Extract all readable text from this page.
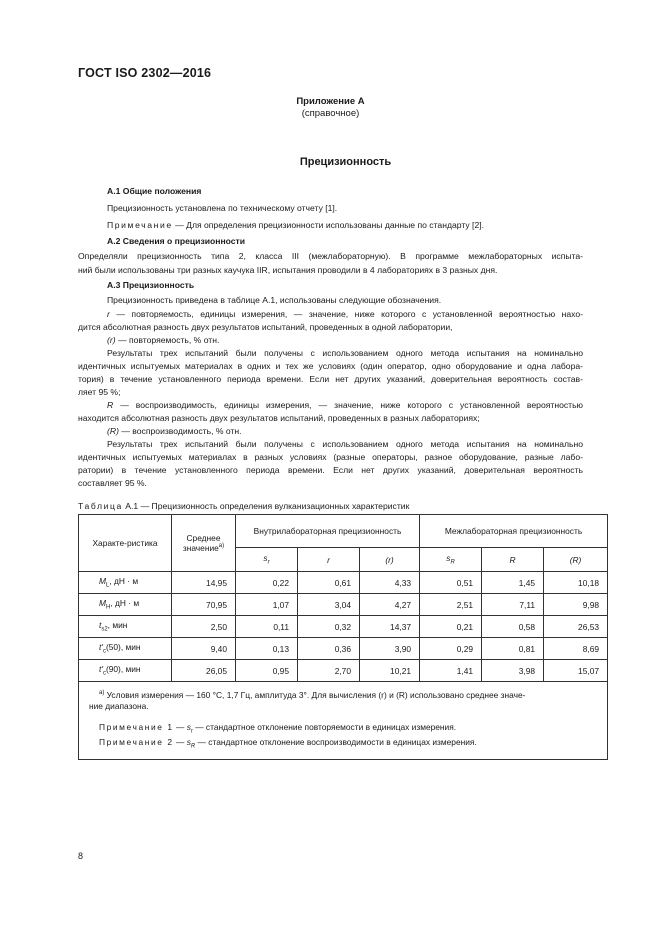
ГОСТ ISO 2302—2016
Приложение А
(справочное)
Прецизионность
А.1 Общие положения
Прецизионность установлена по техническому отчету [1].
Примечание — Для определения прецизионности использованы данные по стандарту [2].
А.2 Сведения о прецизионности
Определяли прецизионность типа 2, класса III (межлабораторную). В программе межлабораторных испыта-
ний были использованы три разных каучука IIR, испытания проводили в 4 лабораториях в 3 разных дня.
А.3 Прецизионность
Прецизионность приведена в таблице А.1, использованы следующие обозначения.
r — повторяемость, единицы измерения, — значение, ниже которого с установленной вероятностью нахо-
дится абсолютная разность двух результатов испытаний, проведенных в одной лаборатории,
(r) — повторяемость, % отн.
Результаты трех испытаний были получены с использованием одного метода испытания на номинально
идентичных испытуемых материалах в одних и тех же условиях (один оператор, одно оборудование и одна лабора-
тория) в течение установленного периода времени. Если нет других указаний, доверительная вероятность состав-
ляет 95 %;
R — воспроизводимость, единицы измерения, — значение, ниже которого с установленной вероятностью
находится абсолютная разность двух результатов испытаний, проведенных в разных лабораториях;
(R) — воспроизводимость, % отн.
Результаты трех испытаний были получены с использованием одного метода испытания на номинально
идентичных испытуемых материалах в разных условиях (разные операторы, разное оборудование, разные лабо-
ратории) в течение установленного периода времени. Если нет других указаний, доверительная вероятность
составляет 95 %.
Таблица А.1 — Прецизионность определения вулканизационных характеристик
Характе-ристика	Среднее значение$^{а)}$	Внутрилабораторная прецизионность			Межлабораторная прецизионность		
		$s_r$	r	(r)	$s_R$	R	(R)
$M_L$, дН · м	14,95	0,22	0,61	4,33	0,51	1,45	10,18
$M_H$, дН · м	70,95	1,07	3,04	4,27	2,51	7,11	9,98
$t_{s2}$, мин	2,50	0,11	0,32	14,37	0,21	0,58	26,53
$t'_c(50)$, мин	9,40	0,13	0,36	3,90	0,29	0,81	8,69
$t'_c(90)$, мин	26,05	0,95	2,70	10,21	1,41	3,98	15,07

$^{а)}$ Условия измерения — 160 °С, 1,7 Гц, амплитуда 3°. Для вычисления (r) и (R) использовано среднее значе-
ние диапазона.
Примечание 1 — $s_r$ — стандартное отклонение повторяемости в единицах измерения.
Примечание 2 — $s_R$ — стандартное отклонение воспроизводимости в единицах измерения.							
8
